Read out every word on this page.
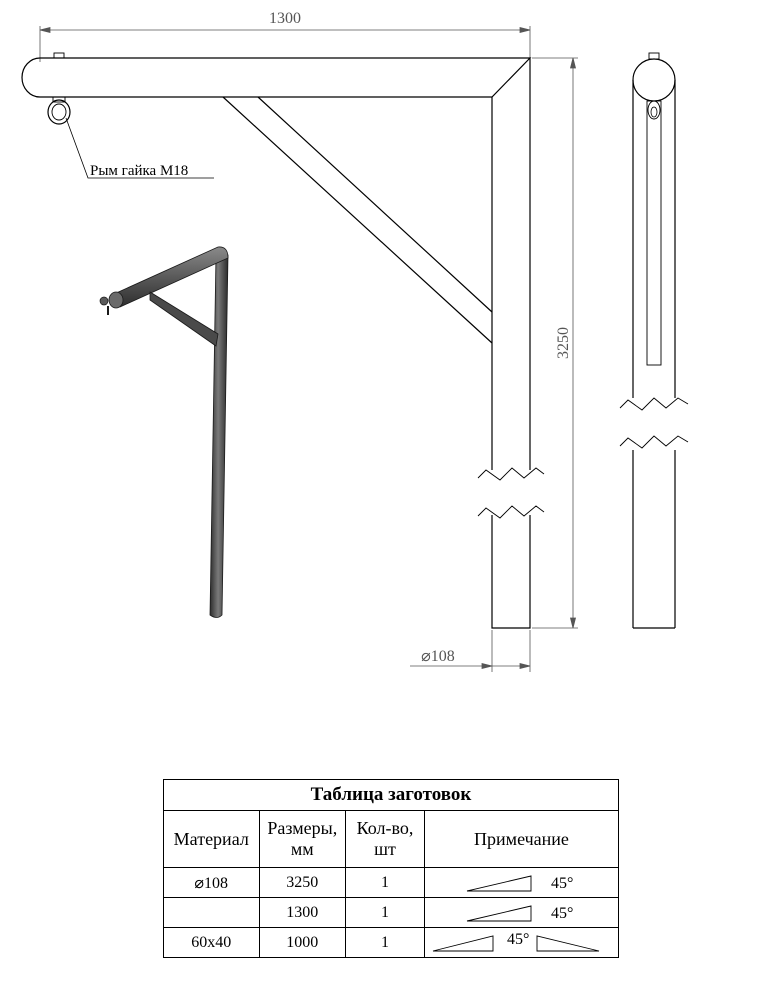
1300
Рым гайка М18
3250
⌀108
Таблица заготовок			
Материал	Размеры, мм	Кол-во, шт	Примечание
⌀108	3250	1	45°

	1300	1	45°

60х40	1000	1	45°
